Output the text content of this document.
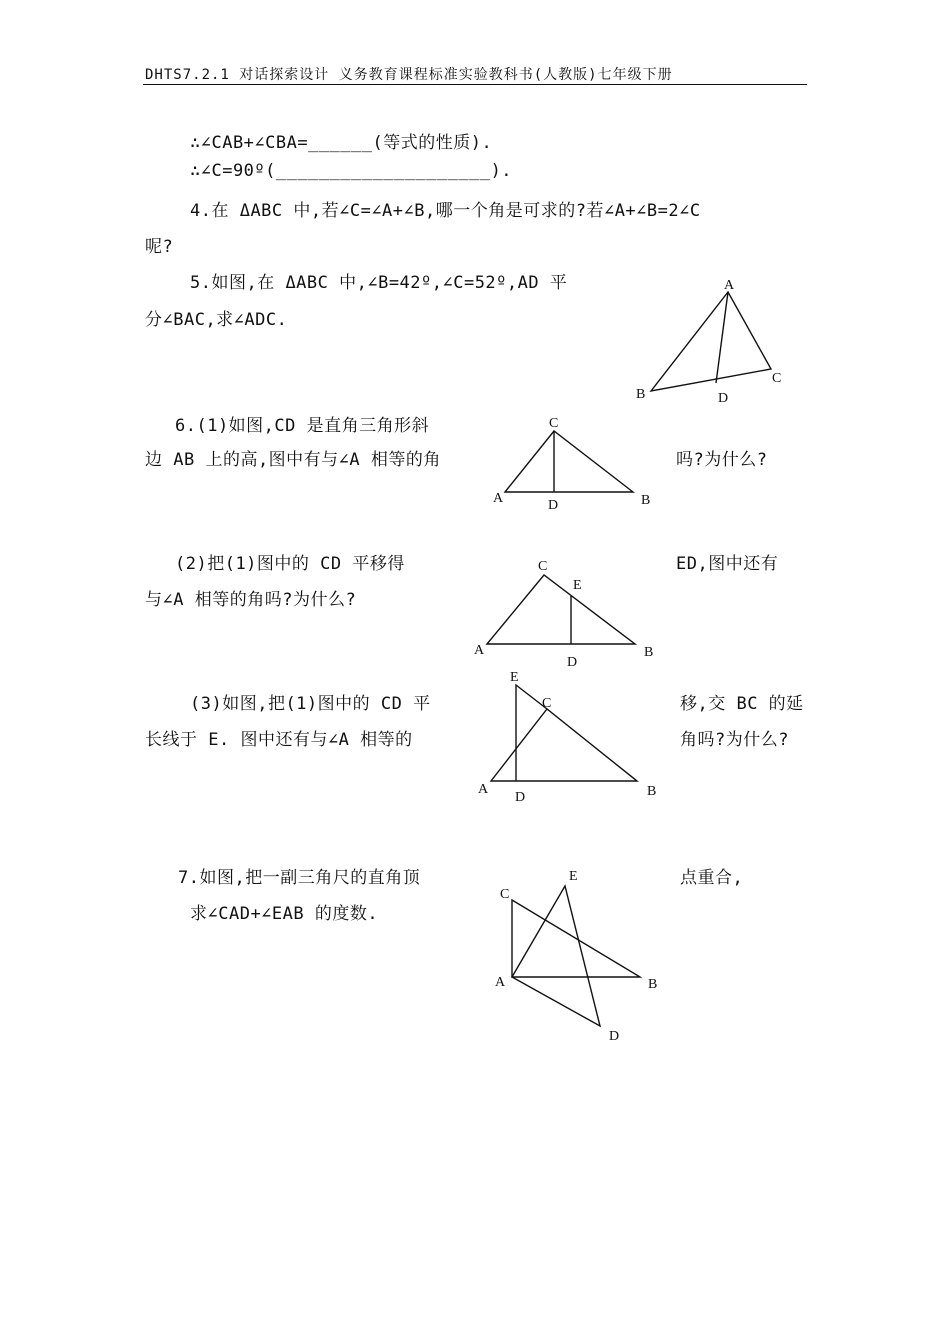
DHTS7.2.1 对话探索设计 义务教育课程标准实验教科书(人教版)七年级下册
∴∠CAB+∠CBA=______(等式的性质).
∴∠C=90º(____________________).
4.在 ΔABC 中,若∠C=∠A+∠B,哪一个角是可求的?若∠A+∠B=2∠C
呢?
5.如图,在 ΔABC 中,∠B=42º,∠C=52º,AD 平
分∠BAC,求∠ADC.
6.(1)如图,CD 是直角三角形斜
边 AB 上的高,图中有与∠A 相等的角	吗?为什么?
(2)把(1)图中的 CD 平移得	ED,图中还有
与∠A 相等的角吗?为什么?
(3)如图,把(1)图中的 CD 平	移,交 BC 的延
长线于 E. 图中还有与∠A 相等的	角吗?为什么?
7.如图,把一副三角尺的直角顶	点重合,
求∠CAD+∠EAB 的度数.
A
B
C
D
C
A	B
D
C
E
A	B
D
E
C
A	B
D
E
C
A	B
D
